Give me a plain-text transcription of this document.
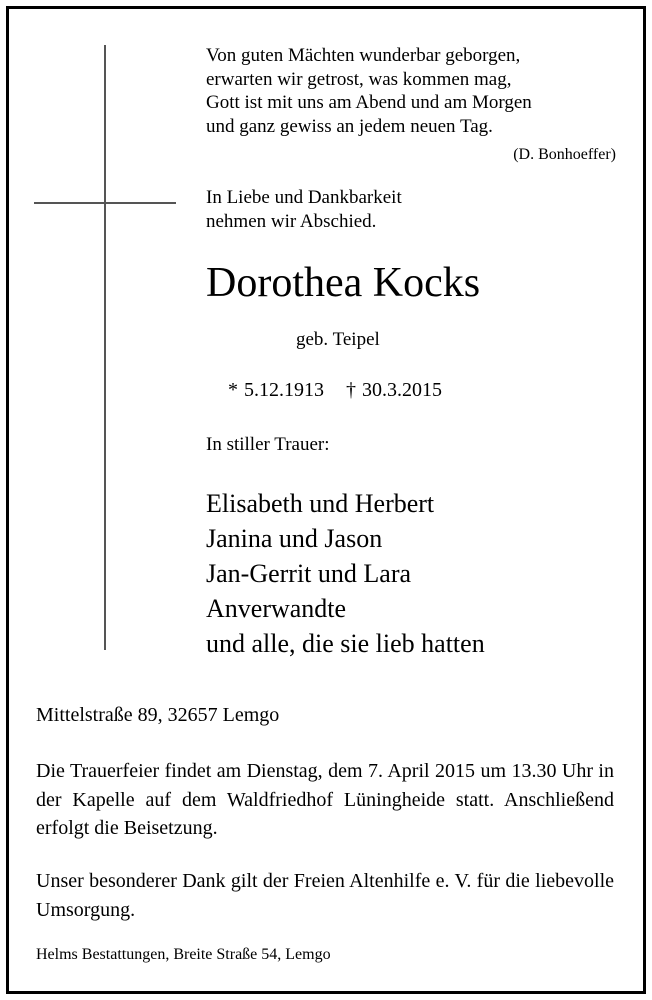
Von guten Mächten wunderbar geborgen,
erwarten wir getrost, was kommen mag,
Gott ist mit uns am Abend und am Morgen
und ganz gewiss an jedem neuen Tag.
(D. Bonhoeffer)
In Liebe und Dankbarkeit
nehmen wir Abschied.
Dorothea Kocks
geb. Teipel
* 5.12.1913 † 30.3.2015
In stiller Trauer:
Elisabeth und Herbert
Janina und Jason
Jan-Gerrit und Lara
Anverwandte
und alle, die sie lieb hatten
Mittelstraße 89, 32657 Lemgo
Die Trauerfeier findet am Dienstag, dem 7. April 2015 um 13.30 Uhr in der Kapelle auf dem Waldfriedhof Lüningheide statt. Anschließend erfolgt die Beisetzung.
Unser besonderer Dank gilt der Freien Altenhilfe e. V. für die liebevolle Umsorgung.
Helms Bestattungen, Breite Straße 54, Lemgo
